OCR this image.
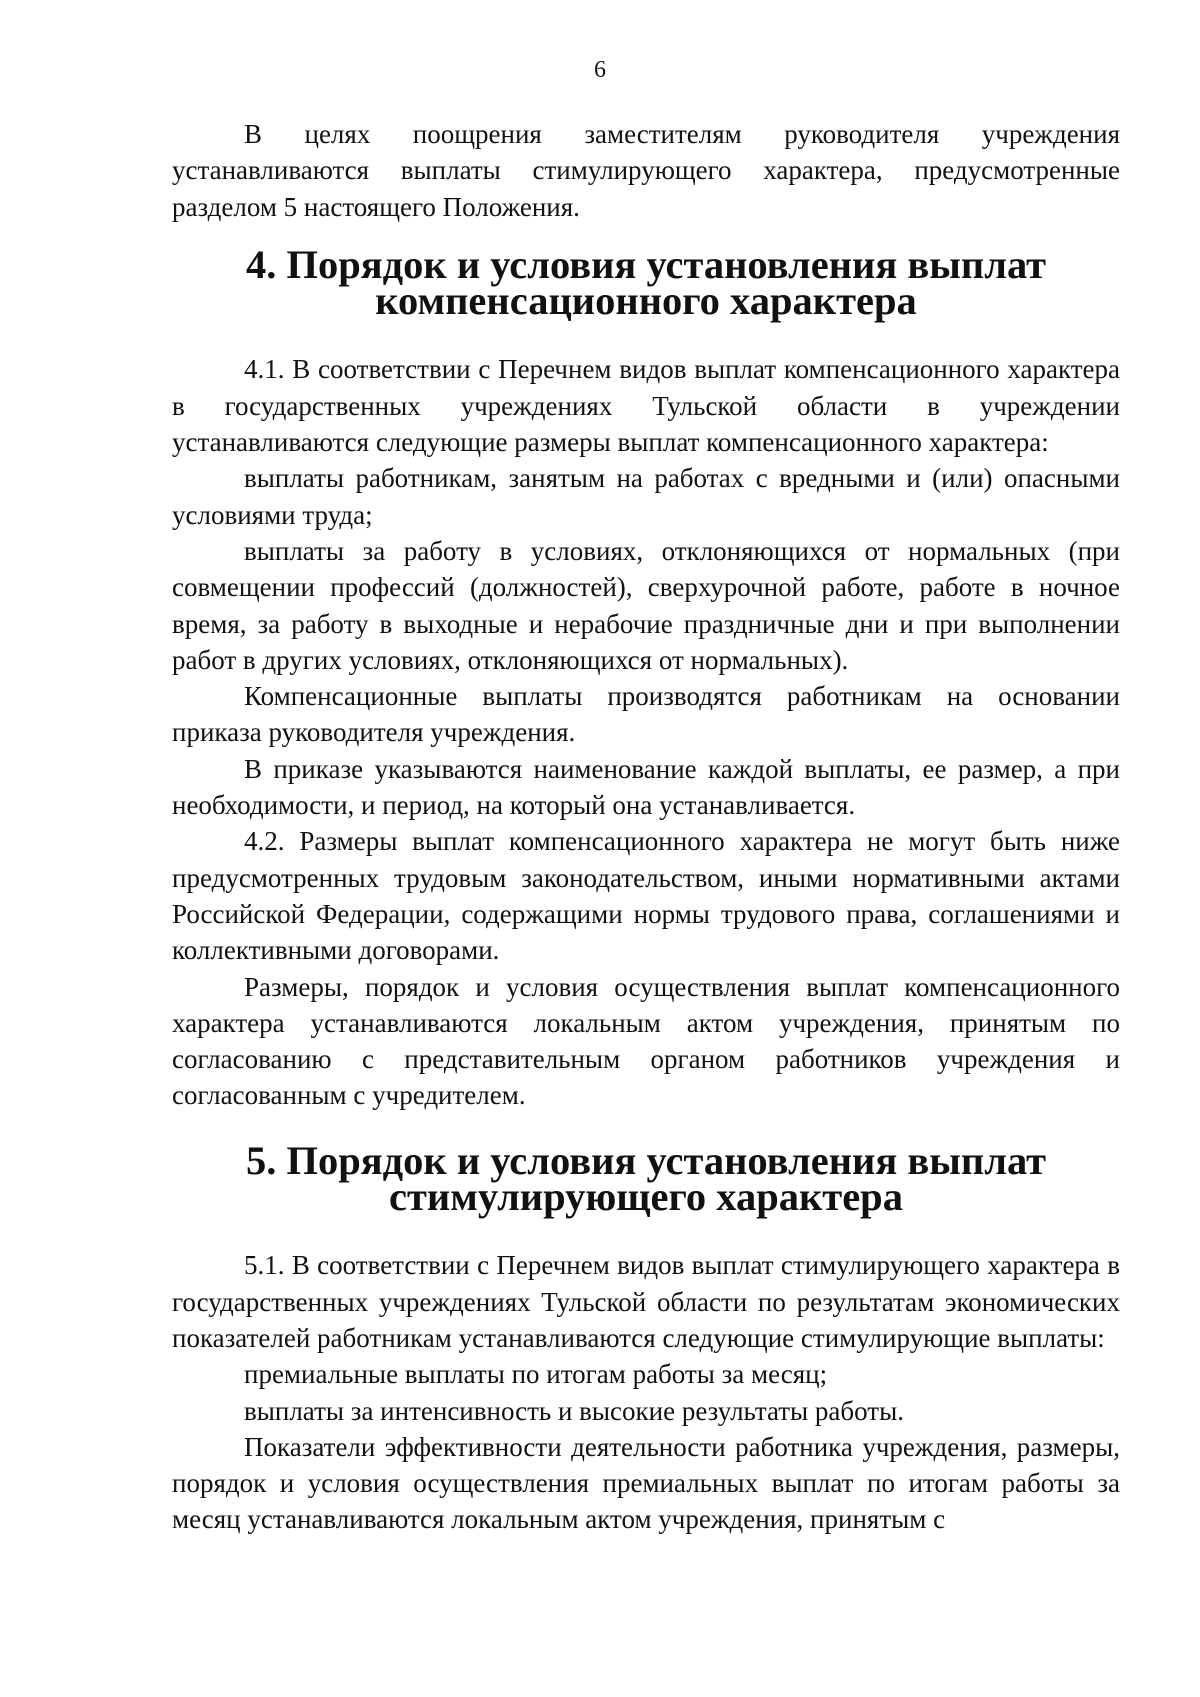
6

В целях поощрения заместителям руководителя учреждения устанавливаются выплаты стимулирующего характера, предусмотренные разделом 5 настоящего Положения.

4. Порядок и условия установления выплат
компенсационного характера

4.1. В соответствии с Перечнем видов выплат компенсационного характера в государственных учреждениях Тульской области в учреждении устанавливаются следующие размеры выплат компенсационного характера:

выплаты работникам, занятым на работах с вредными и (или) опасными условиями труда;

выплаты за работу в условиях, отклоняющихся от нормальных (при совмещении профессий (должностей), сверхурочной работе, работе в ночное время, за работу в выходные и нерабочие праздничные дни и при выполнении работ в других условиях, отклоняющихся от нормальных).

Компенсационные выплаты производятся работникам на основании приказа руководителя учреждения.

В приказе указываются наименование каждой выплаты, ее размер, а при необходимости, и период, на который она устанавливается.

4.2. Размеры выплат компенсационного характера не могут быть ниже предусмотренных трудовым законодательством, иными нормативными актами Российской Федерации, содержащими нормы трудового права, соглашениями и коллективными договорами.

Размеры, порядок и условия осуществления выплат компенсационного характера устанавливаются локальным актом учреждения, принятым по согласованию с представительным органом работников учреждения и согласованным с учредителем.

5. Порядок и условия установления выплат
стимулирующего характера

5.1. В соответствии с Перечнем видов выплат стимулирующего характера в государственных учреждениях Тульской области по результатам экономических показателей работникам устанавливаются следующие стимулирующие выплаты:

премиальные выплаты по итогам работы за месяц;

выплаты за интенсивность и высокие результаты работы.

Показатели эффективности деятельности работника учреждения, размеры, порядок и условия осуществления премиальных выплат по итогам работы за месяц устанавливаются локальным актом учреждения, принятым с
